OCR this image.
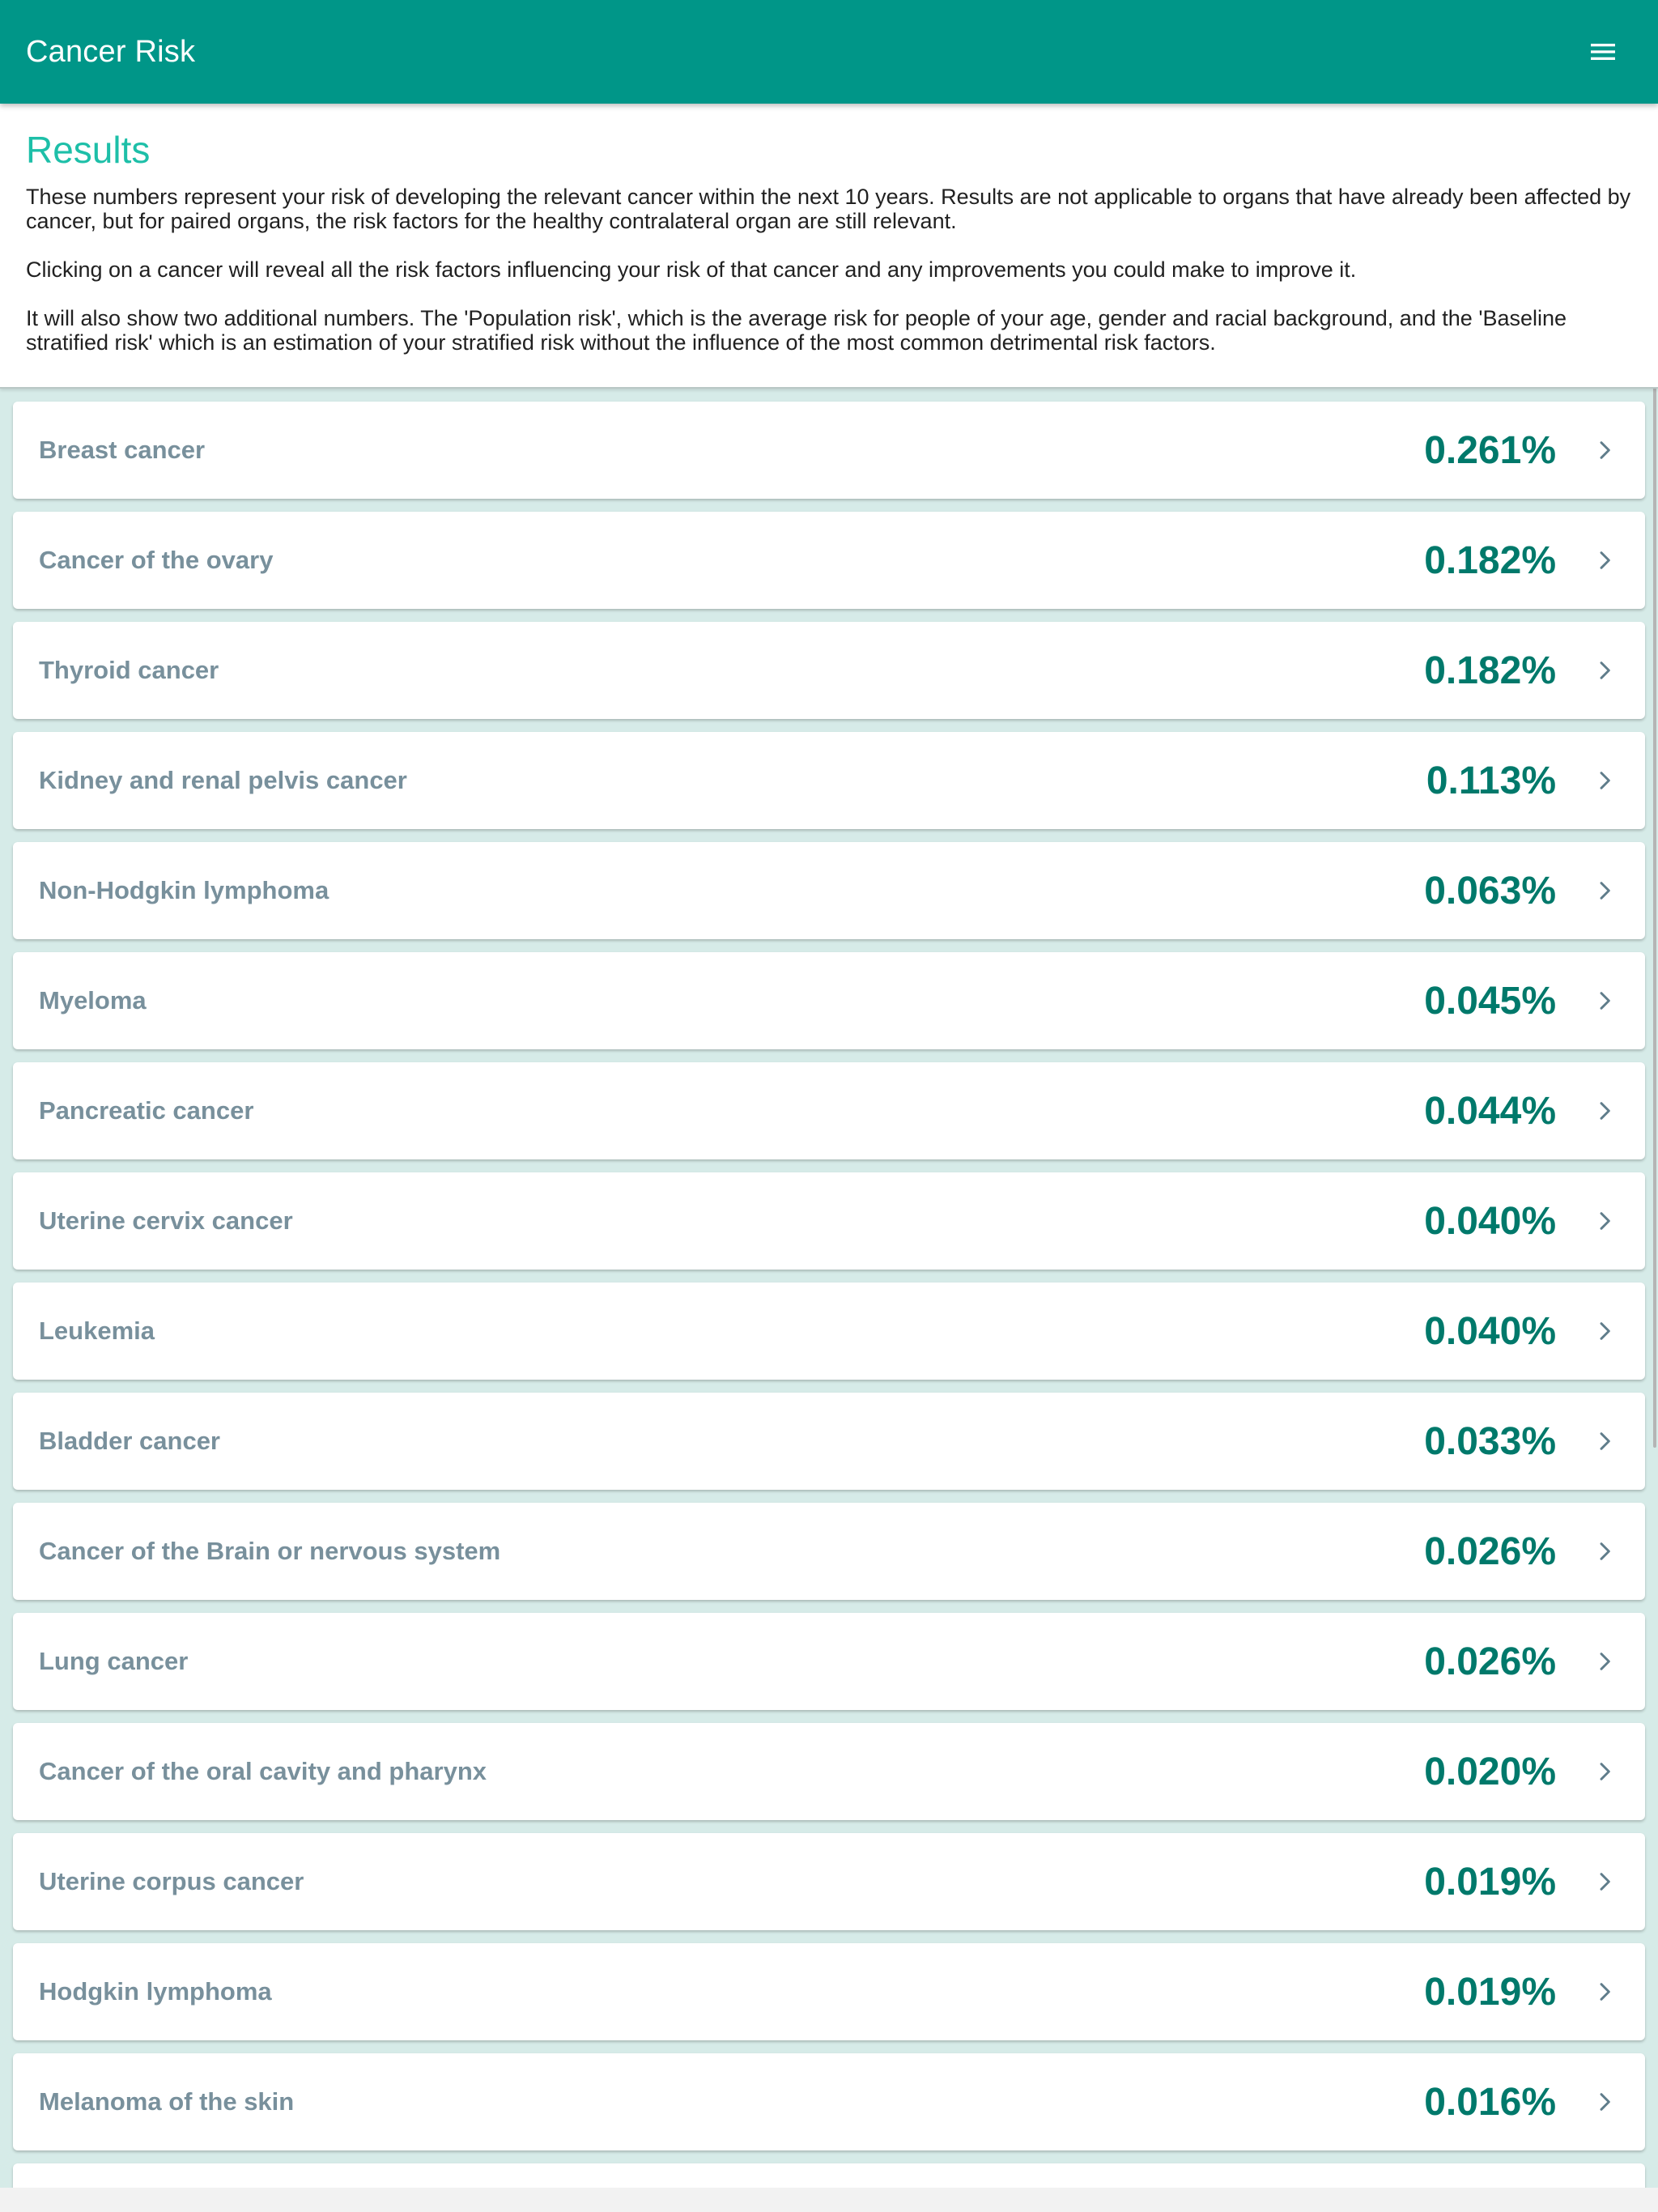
Cancer Risk
Results

These numbers represent your risk of developing the relevant cancer within the next 10 years. Results are not applicable to organs that have already been affected by cancer, but for paired organs, the risk factors for the healthy contralateral organ are still relevant.

Clicking on a cancer will reveal all the risk factors influencing your risk of that cancer and any improvements you could make to improve it.

It will also show two additional numbers. The 'Population risk', which is the average risk for people of your age, gender and racial background, and the 'Baseline stratified risk' which is an estimation of your stratified risk without the influence of the most common detrimental risk factors.

Breast cancer	0.261%
Cancer of the ovary	0.182%
Thyroid cancer	0.182%
Kidney and renal pelvis cancer	0.113%
Non-Hodgkin lymphoma	0.063%
Myeloma	0.045%
Pancreatic cancer	0.044%
Uterine cervix cancer	0.040%
Leukemia	0.040%
Bladder cancer	0.033%
Cancer of the Brain or nervous system	0.026%
Lung cancer	0.026%
Cancer of the oral cavity and pharynx	0.020%
Uterine corpus cancer	0.019%
Hodgkin lymphoma	0.019%
Melanoma of the skin	0.016%
